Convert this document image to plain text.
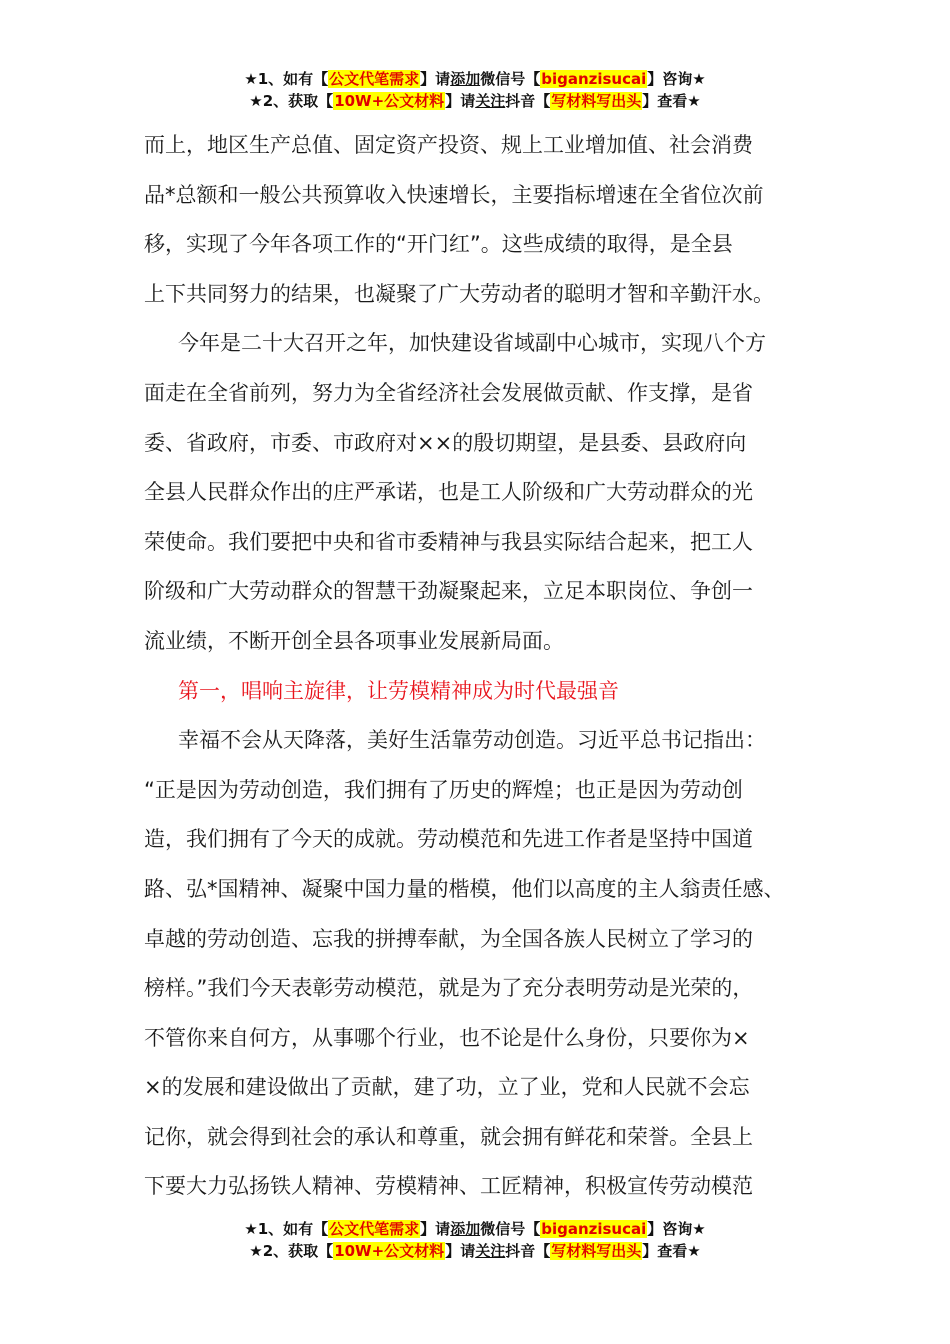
★1、如有【公文代笔需求】请添加微信号【biganzisucai】咨询★
★2、获取【10W+公文材料】请关注抖音【写材料写出头】查看★
而上，地区生产总值、固定资产投资、规上工业增加值、社会消费
品*总额和一般公共预算收入快速增长，主要指标增速在全省位次前
移，实现了今年各项工作的“开门红”。这些成绩的取得，是全县
上下共同努力的结果，也凝聚了广大劳动者的聪明才智和辛勤汗水。
今年是二十大召开之年，加快建设省域副中心城市，实现八个方
面走在全省前列，努力为全省经济社会发展做贡献、作支撑，是省
委、省政府，市委、市政府对××的殷切期望，是县委、县政府向
全县人民群众作出的庄严承诺，也是工人阶级和广大劳动群众的光
荣使命。我们要把中央和省市委精神与我县实际结合起来，把工人
阶级和广大劳动群众的智慧干劲凝聚起来，立足本职岗位、争创一
流业绩，不断开创全县各项事业发展新局面。
第一，唱响主旋律，让劳模精神成为时代最强音
幸福不会从天降落，美好生活靠劳动创造。习近平总书记指出：
“正是因为劳动创造，我们拥有了历史的辉煌；也正是因为劳动创
造，我们拥有了今天的成就。劳动模范和先进工作者是坚持中国道
路、弘*国精神、凝聚中国力量的楷模，他们以高度的主人翁责任感、
卓越的劳动创造、忘我的拼搏奉献，为全国各族人民树立了学习的
榜样。”我们今天表彰劳动模范，就是为了充分表明劳动是光荣的，
不管你来自何方，从事哪个行业，也不论是什么身份，只要你为×
×的发展和建设做出了贡献，建了功，立了业，党和人民就不会忘
记你，就会得到社会的承认和尊重，就会拥有鲜花和荣誉。全县上
下要大力弘扬铁人精神、劳模精神、工匠精神，积极宣传劳动模范
★1、如有【公文代笔需求】请添加微信号【biganzisucai】咨询★
★2、获取【10W+公文材料】请关注抖音【写材料写出头】查看★
